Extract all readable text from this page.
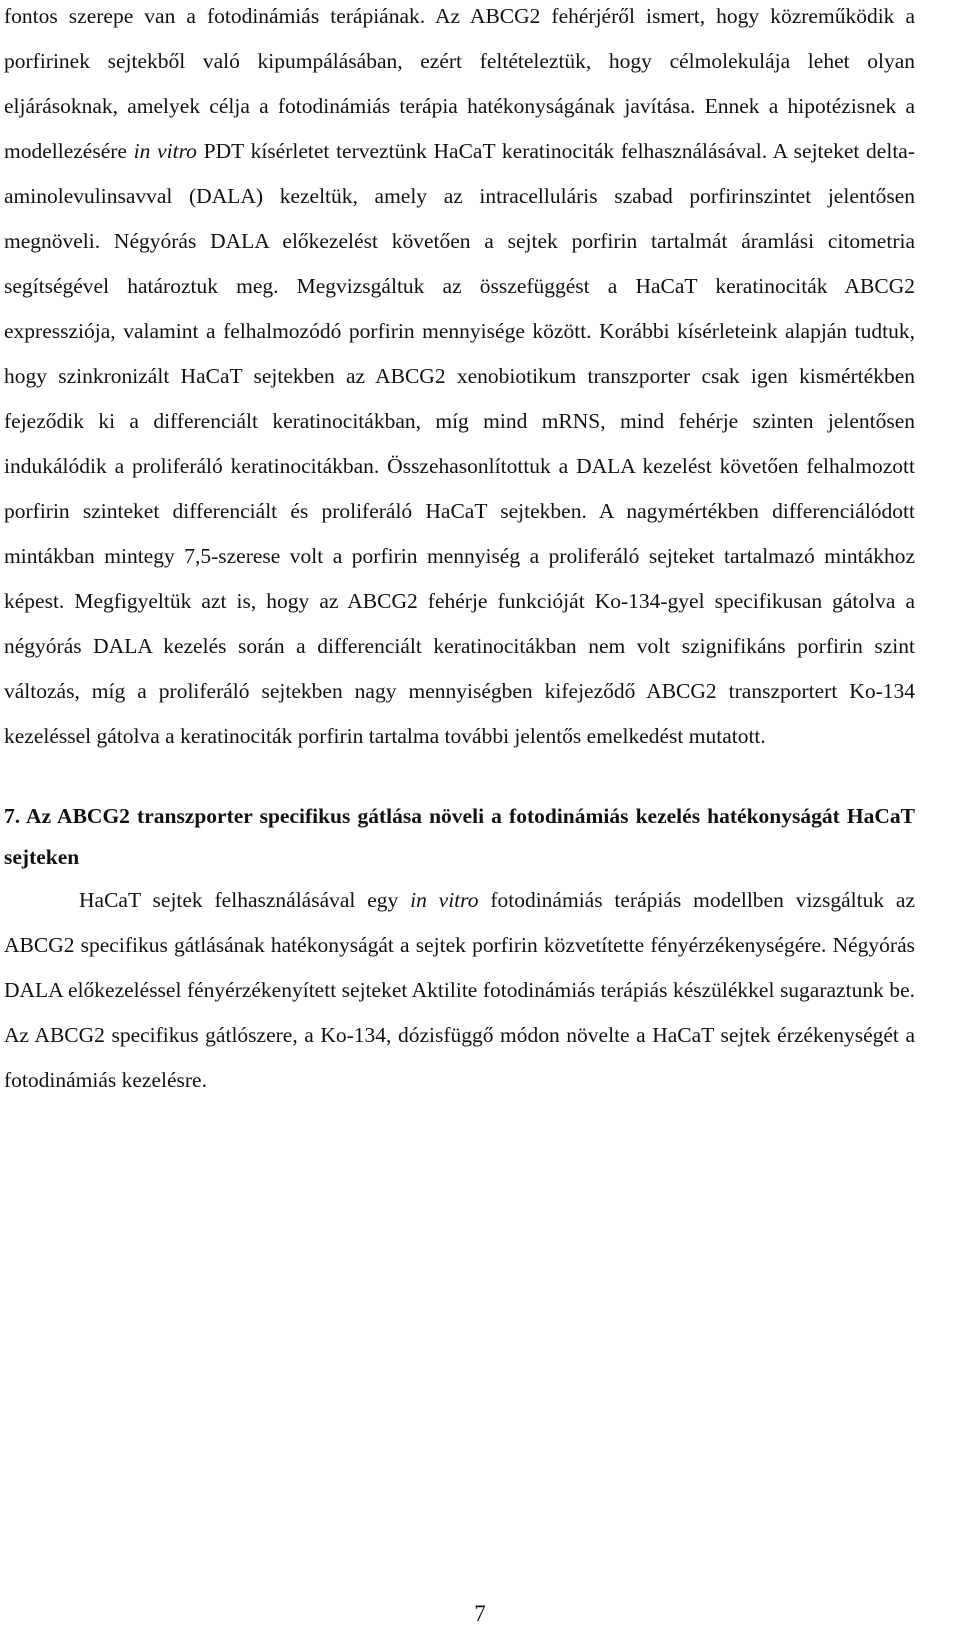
fontos szerepe van a fotodinámiás terápiának. Az ABCG2 fehérjéről ismert, hogy közreműködik a porfirinek sejtekből való kipumpálásában, ezért feltételeztük, hogy célmolekulája lehet olyan eljárásoknak, amelyek célja a fotodinámiás terápia hatékonyságának javítása. Ennek a hipotézisnek a modellezésére in vitro PDT kísérletet terveztünk HaCaT keratinociták felhasználásával. A sejteket delta-aminolevulinsavval (DALA) kezeltük, amely az intracelluláris szabad porfirinszintet jelentősen megnöveli. Négyórás DALA előkezelést követően a sejtek porfirin tartalmát áramlási citometria segítségével határoztuk meg. Megvizsgáltuk az összefüggést a HaCaT keratinociták ABCG2 expressziója, valamint a felhalmozódó porfirin mennyisége között. Korábbi kísérleteink alapján tudtuk, hogy szinkronizált HaCaT sejtekben az ABCG2 xenobiotikum transzporter csak igen kismértékben fejeződik ki a differenciált keratinocitákban, míg mind mRNS, mind fehérje szinten jelentősen indukálódik a proliferáló keratinocitákban. Összehasonlítottuk a DALA kezelést követően felhalmozott porfirin szinteket differenciált és proliferáló HaCaT sejtekben. A nagymértékben differenciálódott mintákban mintegy 7,5-szerese volt a porfirin mennyiség a proliferáló sejteket tartalmazó mintákhoz képest. Megfigyeltük azt is, hogy az ABCG2 fehérje funkcióját Ko-134-gyel specifikusan gátolva a négyórás DALA kezelés során a differenciált keratinocitákban nem volt szignifikáns porfirin szint változás, míg a proliferáló sejtekben nagy mennyiségben kifejeződő ABCG2 transzportert Ko-134 kezeléssel gátolva a keratinociták porfirin tartalma további jelentős emelkedést mutatott.

7. Az ABCG2 transzporter specifikus gátlása növeli a fotodinámiás kezelés hatékonyságát HaCaT sejteken

HaCaT sejtek felhasználásával egy in vitro fotodinámiás terápiás modellben vizsgáltuk az ABCG2 specifikus gátlásának hatékonyságát a sejtek porfirin közvetítette fényérzékenységére. Négyórás DALA előkezeléssel fényérzékenyített sejteket Aktilite fotodinámiás terápiás készülékkel sugaraztunk be. Az ABCG2 specifikus gátlószere, a Ko-134, dózisfüggő módon növelte a HaCaT sejtek érzékenységét a fotodinámiás kezelésre.

7
